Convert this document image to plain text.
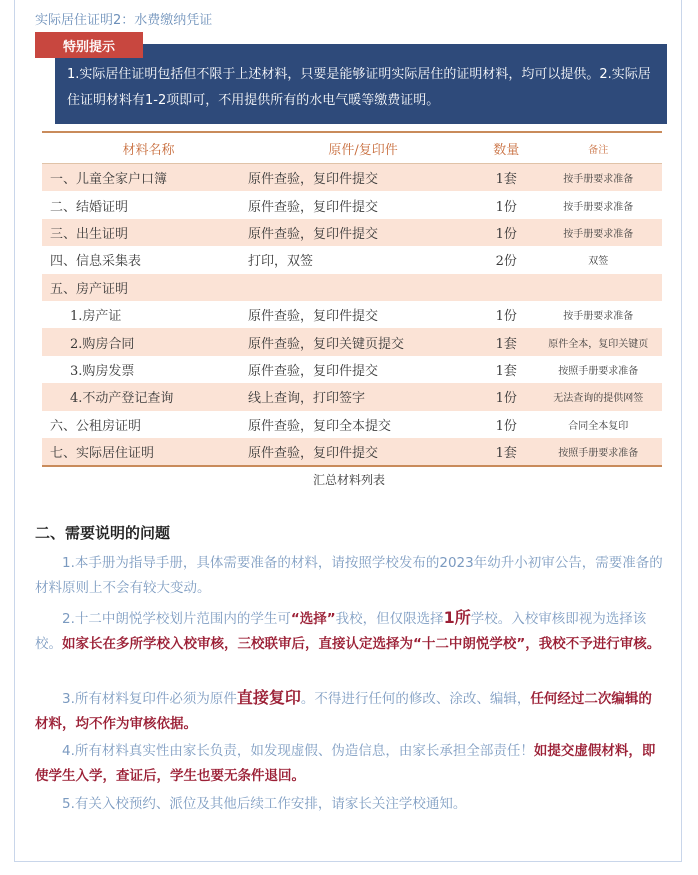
实际居住证明2：水费缴纳凭证
特别提示
1.实际居住证明包括但不限于上述材料，只要是能够证明实际居住的证明材料，均可以提供。2.实际居住证明材料有1-2项即可，不用提供所有的水电气暖等缴费证明。
材料名称	原件/复印件	数量	备注
一、儿童全家户口簿	原件查验，复印件提交	1套	按手册要求准备
二、结婚证明	原件查验，复印件提交	1份	按手册要求准备
三、出生证明	原件查验，复印件提交	1份	按手册要求准备
四、信息采集表	打印，双签	2份	双签
五、房产证明			
1.房产证	原件查验，复印件提交	1份	按手册要求准备
2.购房合同	原件查验，复印关键页提交	1套	原件全本，复印关键页
3.购房发票	原件查验，复印件提交	1套	按照手册要求准备
4.不动产登记查询	线上查询，打印签字	1份	无法查询的提供网签
六、公租房证明	原件查验，复印全本提交	1份	合同全本复印
七、实际居住证明	原件查验，复印件提交	1套	按照手册要求准备
汇总材料列表
二、需要说明的问题

1.本手册为指导手册，具体需要准备的材料，请按照学校发布的2023年幼升小初审公告，需要准备的材料原则上不会有较大变动。

2.十二中朗悦学校划片范围内的学生可“选择”我校，但仅限选择1所学校。入校审核即视为选择该校。如家长在多所学校入校审核，三校联审后，直接认定选择为“十二中朗悦学校”，我校不予进行审核。

3.所有材料复印件必须为原件直接复印。不得进行任何的修改、涂改、编辑，任何经过二次编辑的材料，均不作为审核依据。

4.所有材料真实性由家长负责，如发现虚假、伪造信息，由家长承担全部责任！如提交虚假材料，即使学生入学，查证后，学生也要无条件退回。

5.有关入校预约、派位及其他后续工作安排，请家长关注学校通知。
